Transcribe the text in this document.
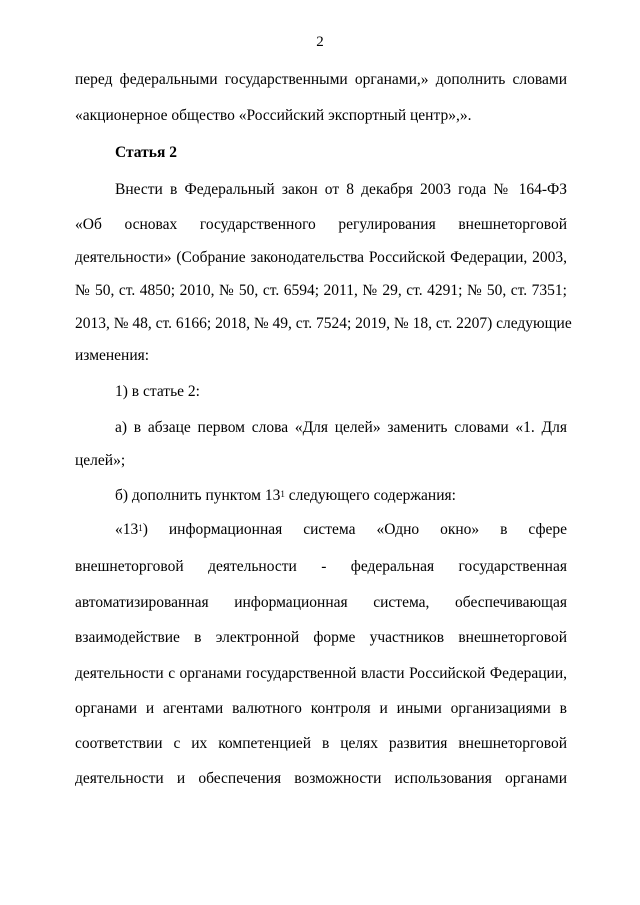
2
перед федеральными государственными органами,» дополнить словами
«акционерное общество «Российский экспортный центр»,».
Статья 2
Внести в Федеральный закон от 8 декабря 2003 года № 164-ФЗ
«Об основах государственного регулирования внешнеторговой
деятельности» (Собрание законодательства Российской Федерации, 2003,
№ 50, ст. 4850; 2010, № 50, ст. 6594; 2011, № 29, ст. 4291; № 50, ст. 7351;
2013, № 48, ст. 6166; 2018, № 49, ст. 7524; 2019, № 18, ст. 2207) следующие
изменения:
1) в статье 2:
а) в абзаце первом слова «Для целей» заменить словами «1. Для
целей»;
б) дополнить пунктом $13^1$ следующего содержания:
«$13^1$) информационная система «Одно окно» в сфере
внешнеторговой деятельности - федеральная государственная
автоматизированная информационная система, обеспечивающая
взаимодействие в электронной форме участников внешнеторговой
деятельности с органами государственной власти Российской Федерации,
органами и агентами валютного контроля и иными организациями в
соответствии с их компетенцией в целях развития внешнеторговой
деятельности и обеспечения возможности использования органами
